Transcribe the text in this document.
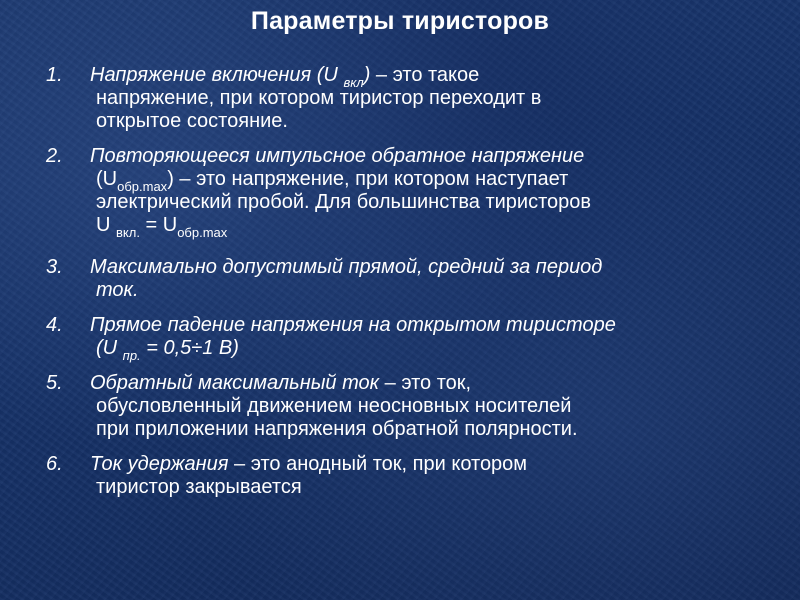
Параметры тиристоров
1. Напряжение включения (U $_{вкл}$) – это такое
напряжение, при котором тиристор переходит в
открытое состояние.
2. Повторяющееся импульсное обратное напряжение
$(U_{обр.max})$ – это напряжение, при котором наступает
электрический пробой. Для большинства тиристоров
U $_{вкл.} = U_{обр.max}$
3. Максимально допустимый прямой, средний за период
ток.
4. Прямое падение напряжения на открытом тиристоре
(U $_{пр.}$ = 0,5÷1 В)
5. Обратный максимальный ток – это ток,
обусловленный движением неосновных носителей
при приложении напряжения обратной полярности.
6. Ток удержания – это анодный ток, при котором
тиристор закрывается
